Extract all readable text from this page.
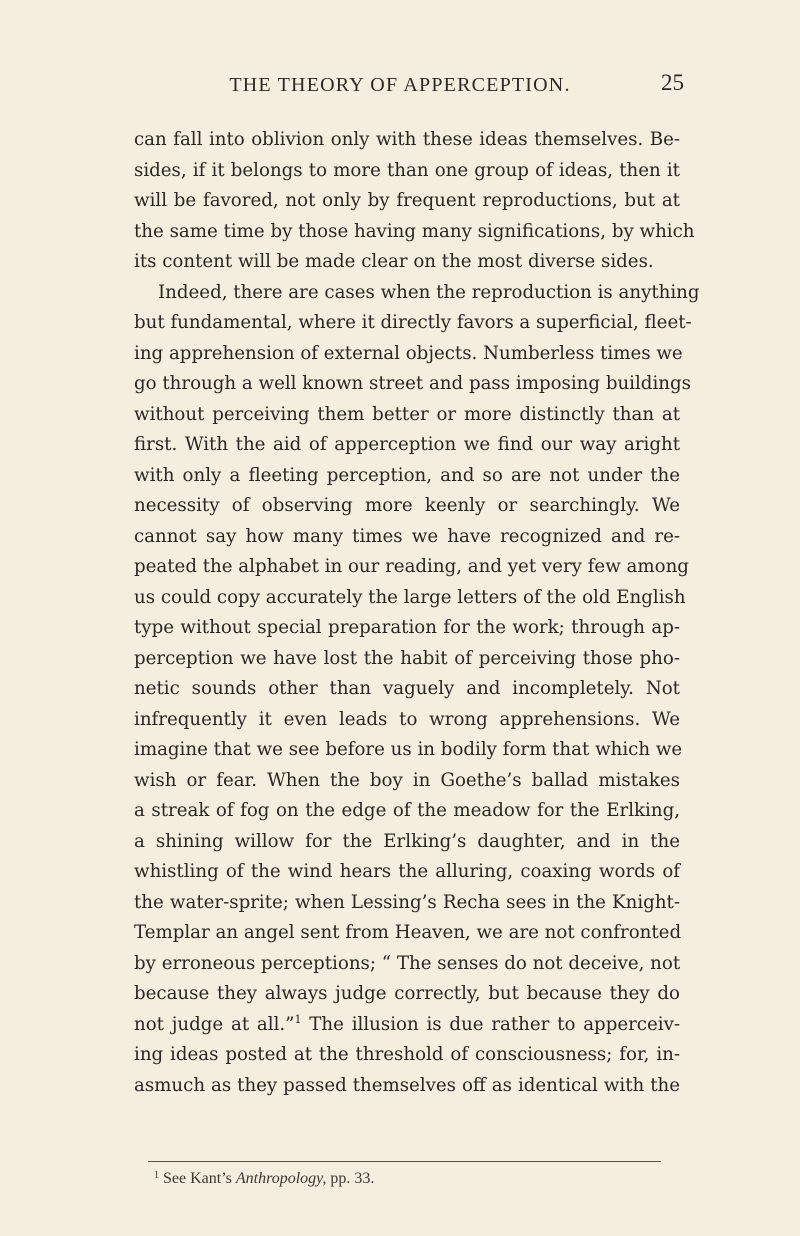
THE THEORY OF APPERCEPTION.	25
can fall into oblivion only with these ideas themselves. Be-
sides, if it belongs to more than one group of ideas, then it
will be favored, not only by frequent reproductions, but at
the same time by those having many significations, by which
its content will be made clear on the most diverse sides.
Indeed, there are cases when the reproduction is anything
but fundamental, where it directly favors a superficial, fleet-
ing apprehension of external objects. Numberless times we
go through a well known street and pass imposing buildings
without perceiving them better or more distinctly than at
first. With the aid of apperception we find our way aright
with only a fleeting perception, and so are not under the
necessity of observing more keenly or searchingly. We
cannot say how many times we have recognized and re-
peated the alphabet in our reading, and yet very few among
us could copy accurately the large letters of the old English
type without special preparation for the work; through ap-
perception we have lost the habit of perceiving those pho-
netic sounds other than vaguely and incompletely. Not
infrequently it even leads to wrong apprehensions. We
imagine that we see before us in bodily form that which we
wish or fear. When the boy in Goethe’s ballad mistakes
a streak of fog on the edge of the meadow for the Erlking,
a shining willow for the Erlking’s daughter, and in the
whistling of the wind hears the alluring, coaxing words of
the water-sprite; when Lessing’s Recha sees in the Knight-
Templar an angel sent from Heaven, we are not confronted
by erroneous perceptions; “ The senses do not deceive, not
because they always judge correctly, but because they do
not judge at all.”$^1$ The illusion is due rather to apperceiv-
ing ideas posted at the threshold of consciousness; for, in-
asmuch as they passed themselves off as identical with the
$^1$ See Kant’s Anthropology, pp. 33.
